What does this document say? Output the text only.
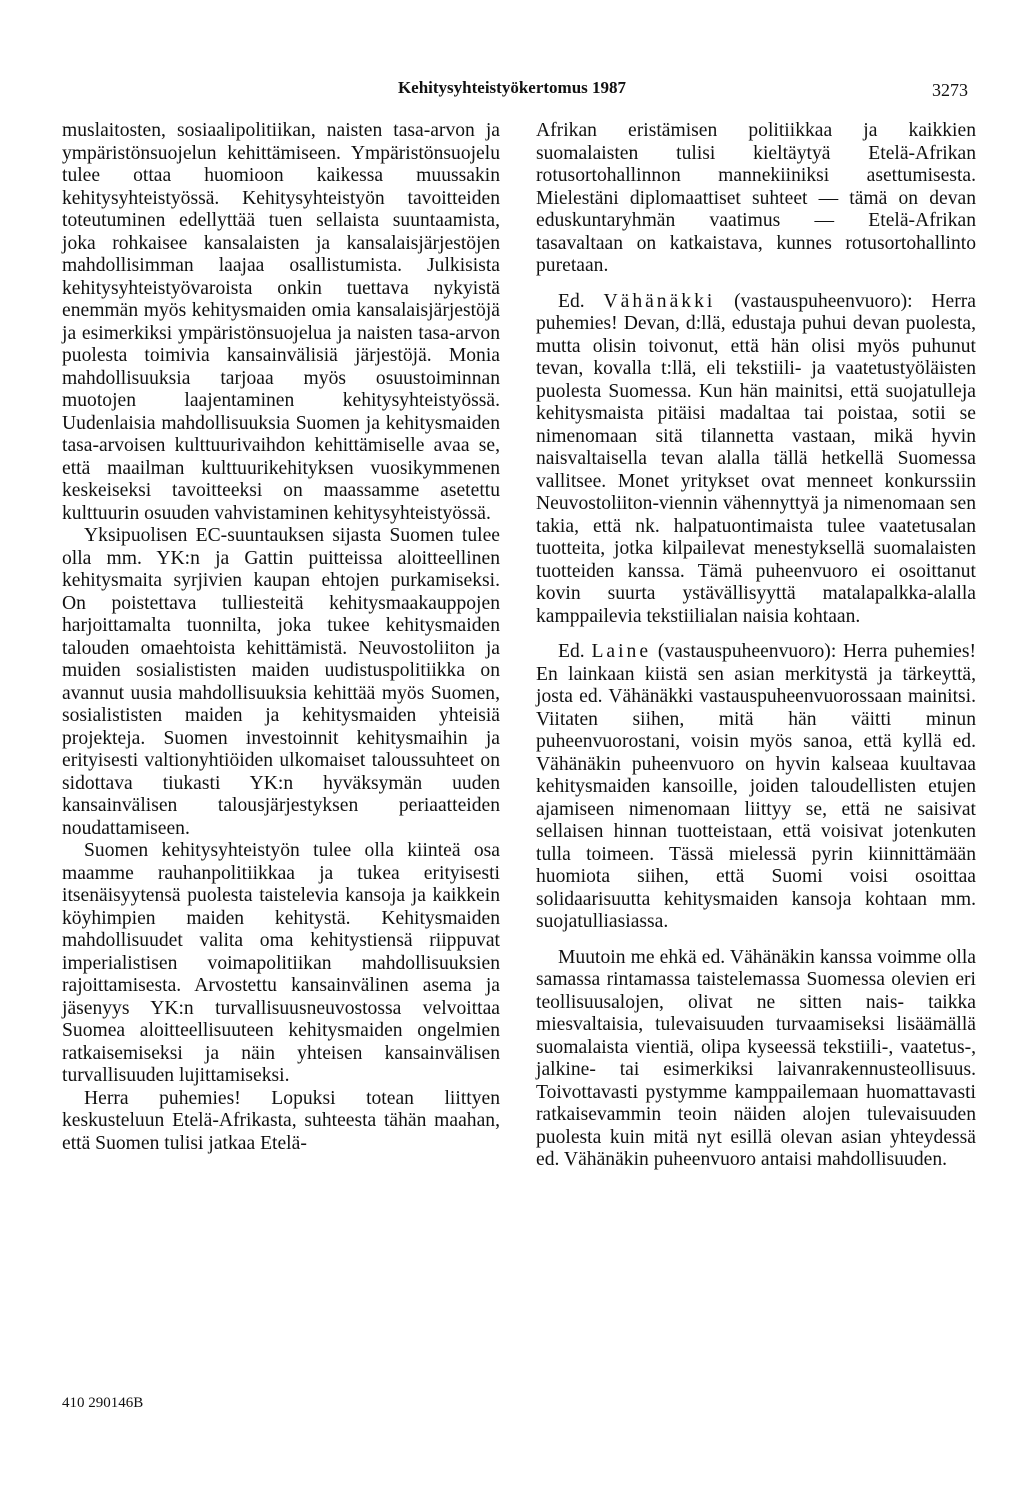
Kehitysyhteistyökertomus 1987	3273

muslaitosten, sosiaalipolitiikan, naisten tasa-arvon ja ympäristönsuojelun kehittämiseen. Ympäristönsuojelu tulee ottaa huomioon kaikessa muussakin kehitysyhteistyössä. Kehitysyhteistyön tavoitteiden toteutuminen edellyttää tuen sellaista suuntaamista, joka rohkaisee kansalaisten ja kansalaisjärjestöjen mahdollisimman laajaa osallistumista. Julkisista kehitysyhteistyövaroista onkin tuettava nykyistä enemmän myös kehitysmaiden omia kansalaisjärjestöjä ja esimerkiksi ympäristönsuojelua ja naisten tasa-arvon puolesta toimivia kansainvälisiä järjestöjä. Monia mahdollisuuksia tarjoaa myös osuustoiminnan muotojen laajentaminen kehitysyhteistyössä. Uudenlaisia mahdollisuuksia Suomen ja kehitysmaiden tasa-arvoisen kulttuurivaihdon kehittämiselle avaa se, että maailman kulttuurikehityksen vuosikymmenen keskeiseksi tavoitteeksi on maassamme asetettu kulttuurin osuuden vahvistaminen kehitysyhteistyössä.

Yksipuolisen EC-suuntauksen sijasta Suomen tulee olla mm. YK:n ja Gattin puitteissa aloitteellinen kehitysmaita syrjivien kaupan ehtojen purkamiseksi. On poistettava tulliesteitä kehitysmaakauppojen harjoittamalta tuonnilta, joka tukee kehitysmaiden talouden omaehtoista kehittämistä. Neuvostoliiton ja muiden sosialististen maiden uudistuspolitiikka on avannut uusia mahdollisuuksia kehittää myös Suomen, sosialististen maiden ja kehitysmaiden yhteisiä projekteja. Suomen investoinnit kehitysmaihin ja erityisesti valtionyhtiöiden ulkomaiset taloussuhteet on sidottava tiukasti YK:n hyväksymän uuden kansainvälisen talousjärjestyksen periaatteiden noudattamiseen.

Suomen kehitysyhteistyön tulee olla kiinteä osa maamme rauhanpolitiikkaa ja tukea erityisesti itsenäisyytensä puolesta taistelevia kansoja ja kaikkein köyhimpien maiden kehitystä. Kehitysmaiden mahdollisuudet valita oma kehitystiensä riippuvat imperialistisen voimapolitiikan mahdollisuuksien rajoittamisesta. Arvostettu kansainvälinen asema ja jäsenyys YK:n turvallisuusneuvostossa velvoittaa Suomea aloitteellisuuteen kehitysmaiden ongelmien ratkaisemiseksi ja näin yhteisen kansainvälisen turvallisuuden lujittamiseksi.

Herra puhemies! Lopuksi totean liittyen keskusteluun Etelä-Afrikasta, suhteesta tähän maahan, että Suomen tulisi jatkaa Etelä-

Afrikan eristämisen politiikkaa ja kaikkien suomalaisten tulisi kieltäytyä Etelä-Afrikan rotusortohallinnon mannekiiniksi asettumisesta. Mielestäni diplomaattiset suhteet — tämä on devan eduskuntaryhmän vaatimus — Etelä-Afrikan tasavaltaan on katkaistava, kunnes rotusortohallinto puretaan.

Ed. Vähänäkki (vastauspuheenvuoro): Herra puhemies! Devan, d:llä, edustaja puhui devan puolesta, mutta olisin toivonut, että hän olisi myös puhunut tevan, kovalla t:llä, eli tekstiili- ja vaatetustyöläisten puolesta Suomessa. Kun hän mainitsi, että suojatulleja kehitysmaista pitäisi madaltaa tai poistaa, sotii se nimenomaan sitä tilannetta vastaan, mikä hyvin naisvaltaisella tevan alalla tällä hetkellä Suomessa vallitsee. Monet yritykset ovat menneet konkurssiin Neuvostoliiton-viennin vähennyttyä ja nimenomaan sen takia, että nk. halpatuontimaista tulee vaatetusalan tuotteita, jotka kilpailevat menestyksellä suomalaisten tuotteiden kanssa. Tämä puheenvuoro ei osoittanut kovin suurta ystävällisyyttä matalapalkka-alalla kamppailevia tekstiilialan naisia kohtaan.

Ed. Laine (vastauspuheenvuoro): Herra puhemies! En lainkaan kiistä sen asian merkitystä ja tärkeyttä, josta ed. Vähänäkki vastauspuheenvuorossaan mainitsi. Viitaten siihen, mitä hän väitti minun puheenvuorostani, voisin myös sanoa, että kyllä ed. Vähänäkin puheenvuoro on hyvin kalseaa kuultavaa kehitysmaiden kansoille, joiden taloudellisten etujen ajamiseen nimenomaan liittyy se, että ne saisivat sellaisen hinnan tuotteistaan, että voisivat jotenkuten tulla toimeen. Tässä mielessä pyrin kiinnittämään huomiota siihen, että Suomi voisi osoittaa solidaarisuutta kehitysmaiden kansoja kohtaan mm. suojatulliasiassa.

Muutoin me ehkä ed. Vähänäkin kanssa voimme olla samassa rintamassa taistelemassa Suomessa olevien eri teollisuusalojen, olivat ne sitten nais- taikka miesvaltaisia, tulevaisuuden turvaamiseksi lisäämällä suomalaista vientiä, olipa kyseessä tekstiili-, vaatetus-, jalkine- tai esimerkiksi laivanrakennusteollisuus. Toivottavasti pystymme kamppailemaan huomattavasti ratkaisevammin teoin näiden alojen tulevaisuuden puolesta kuin mitä nyt esillä olevan asian yhteydessä ed. Vähänäkin puheenvuoro antaisi mahdollisuuden.

410 290146B
